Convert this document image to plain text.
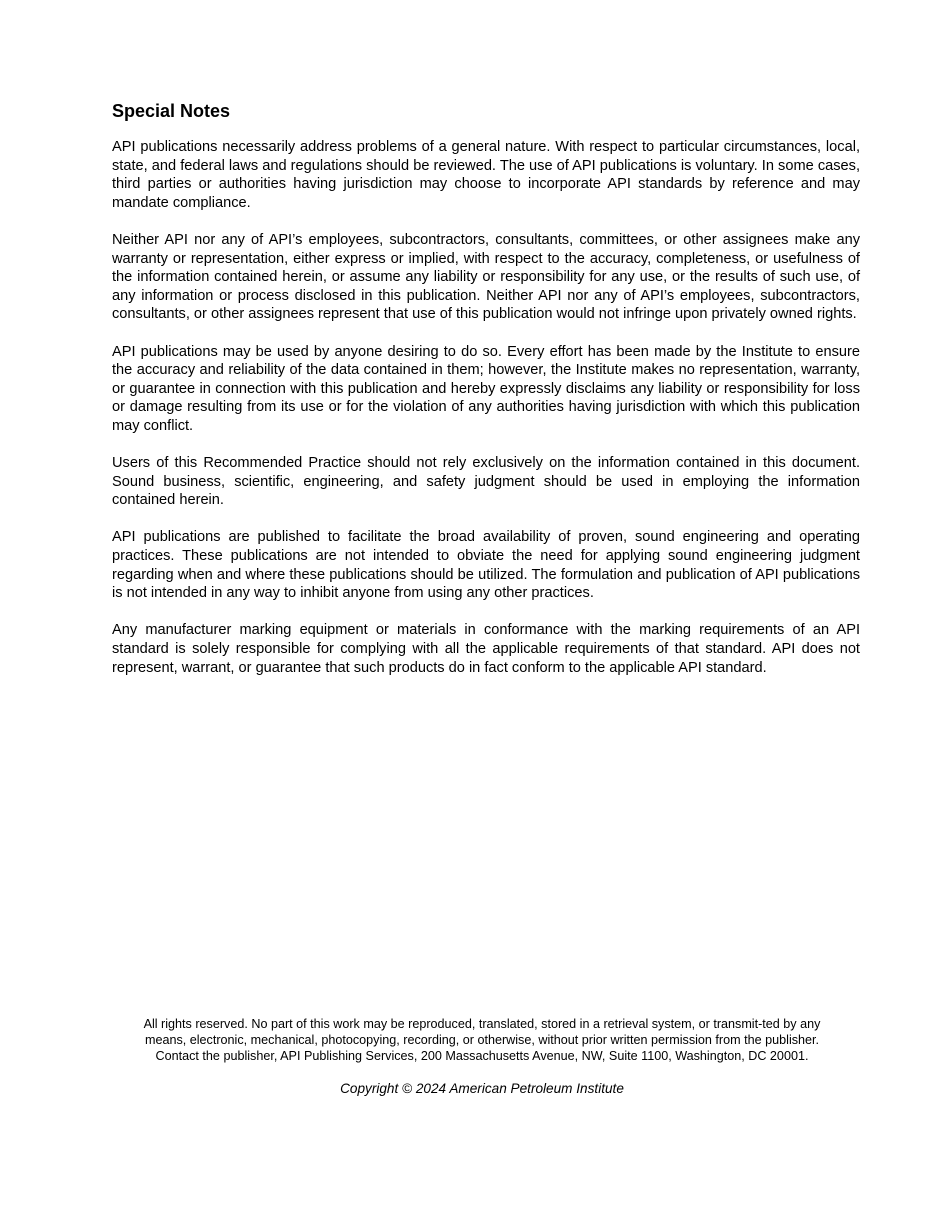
Special Notes

API publications necessarily address problems of a general nature. With respect to particular circumstances, local, state, and federal laws and regulations should be reviewed. The use of API publications is voluntary. In some cases, third parties or authorities having jurisdiction may choose to incorporate API standards by reference and may mandate compliance.

Neither API nor any of API’s employees, subcontractors, consultants, committees, or other assignees make any warranty or representation, either express or implied, with respect to the accuracy, completeness, or usefulness of the information contained herein, or assume any liability or responsibility for any use, or the results of such use, of any information or process disclosed in this publication. Neither API nor any of API’s employees, subcontractors, consultants, or other assignees represent that use of this publication would not infringe upon privately owned rights.

API publications may be used by anyone desiring to do so. Every effort has been made by the Institute to ensure the accuracy and reliability of the data contained in them; however, the Institute makes no representation, warranty, or guarantee in connection with this publication and hereby expressly disclaims any liability or responsibility for loss or damage resulting from its use or for the violation of any authorities having jurisdiction with which this publication may conflict.

Users of this Recommended Practice should not rely exclusively on the information contained in this document. Sound business, scientific, engineering, and safety judgment should be used in employing the information contained herein.

API publications are published to facilitate the broad availability of proven, sound engineering and operating practices. These publications are not intended to obviate the need for applying sound engineering judgment regarding when and where these publications should be utilized. The formulation and publication of API publications is not intended in any way to inhibit anyone from using any other practices.

Any manufacturer marking equipment or materials in conformance with the marking requirements of an API standard is solely responsible for complying with all the applicable requirements of that standard. API does not represent, warrant, or guarantee that such products do in fact conform to the applicable API standard.

All rights reserved. No part of this work may be reproduced, translated, stored in a retrieval system, or transmit-ted by any means, electronic, mechanical, photocopying, recording, or otherwise, without prior written permission from the publisher. Contact the publisher, API Publishing Services, 200 Massachusetts Avenue, NW, Suite 1100, Washington, DC 20001.

Copyright © 2024 American Petroleum Institute
